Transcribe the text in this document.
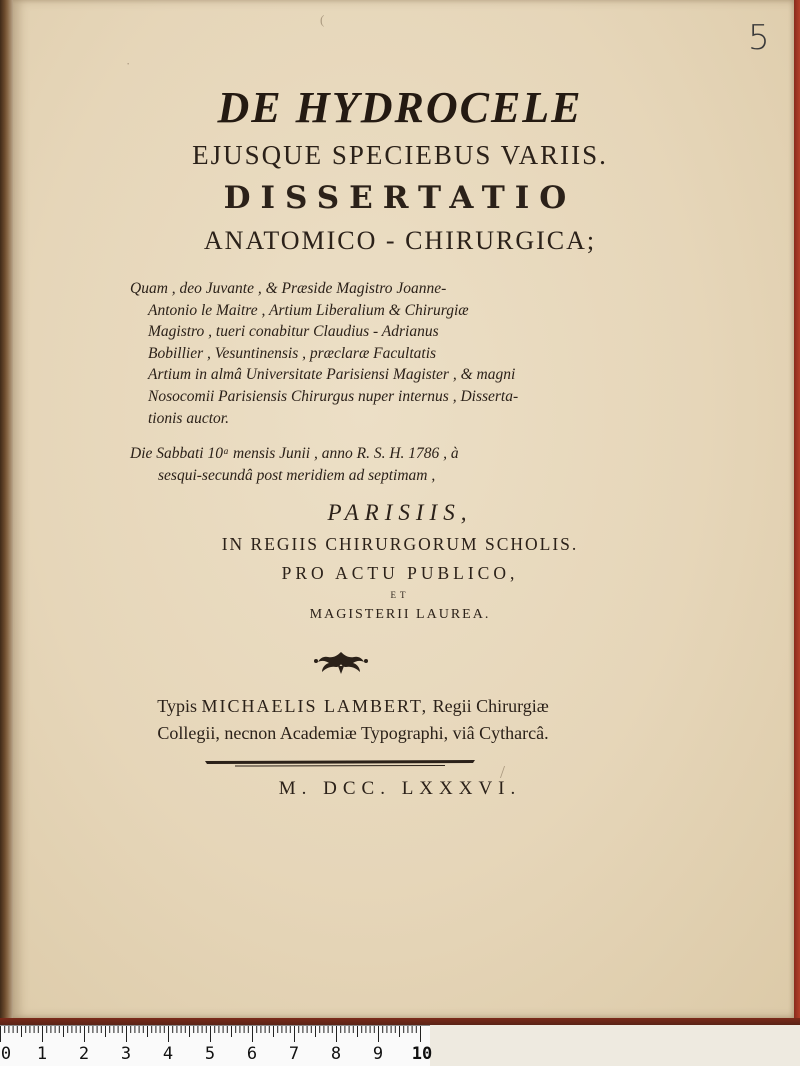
5
DE HYDROCELE
EJUSQUE SPECIEBUS VARIIS.
DISSERTATIO
ANATOMICO - CHIRURGICA;
Quam , deo Juvante , & Præside Magistro Joanne-
Antonio le Maitre , Artium Liberalium & Chirurgiæ
Magistro , tueri conabitur Claudius - Adrianus
Bobillier , Vesuntinensis , præclaræ Facultatis
Artium in almâ Universitate Parisiensi Magister , & magni
Nosocomii Parisiensis Chirurgus nuper internus , Disserta-
tionis auctor.
Die Sabbati 10ᵃ mensis Junii , anno R. S. H. 1786 , à
sesqui-secundâ post meridiem ad septimam ,
PARISIIS,
IN REGIIS CHIRURGORUM SCHOLIS.
PRO ACTU PUBLICO,
ET
MAGISTERII LAUREA.
Typis MICHAELIS LAMBERT, Regii Chirurgiæ
Collegii, necnon Academiæ Typographi, viâ Cytharcâ.
M. DCC. LXXXVI.
·
(
/
0 1 2 3 4 5 6 7 8 9 10
